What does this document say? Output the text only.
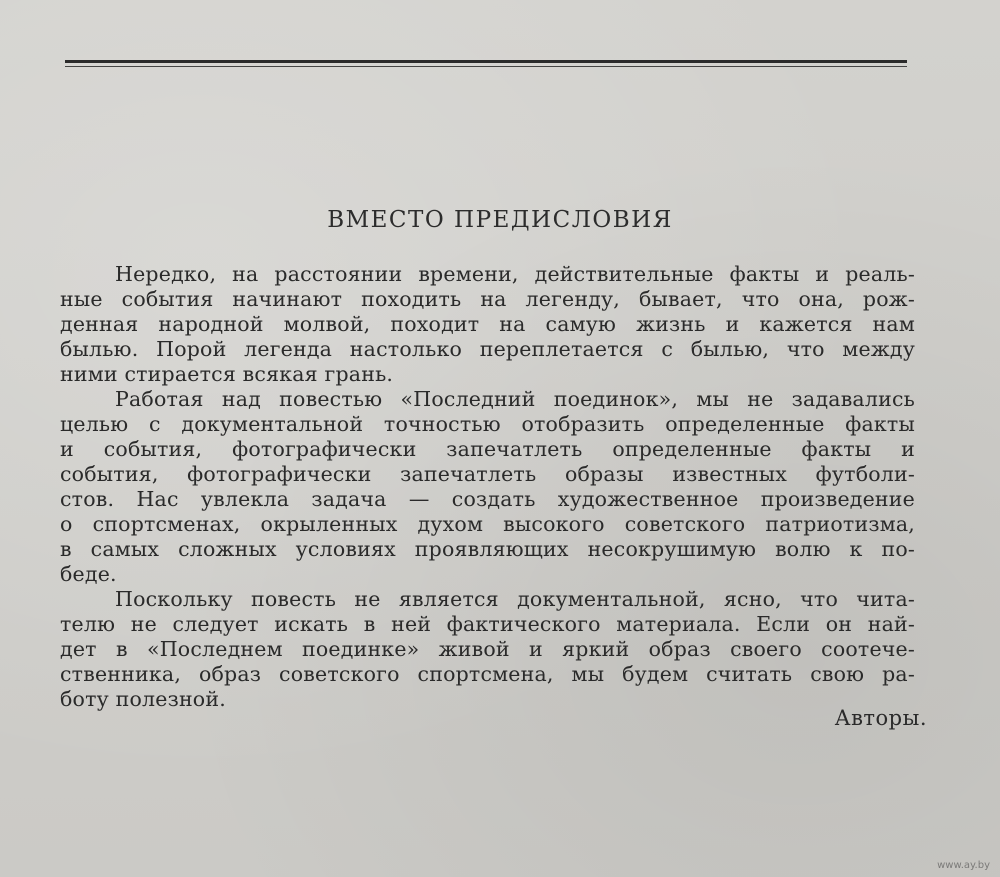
ВМЕСТО ПРЕДИСЛОВИЯ
Нередко, на расстоянии времени, действительные факты и реаль-
ные события начинают походить на легенду, бывает, что она, рож-
денная народной молвой, походит на самую жизнь и кажется нам
былью. Порой легенда настолько переплетается с былью, что между
ними стирается всякая грань.
Работая над повестью «Последний поединок», мы не задавались
целью с документальной точностью отобразить определенные факты
и события, фотографически запечатлеть определенные факты и
события, фотографически запечатлеть образы известных футболи-
стов. Нас увлекла задача — создать художественное произведение
о спортсменах, окрыленных духом высокого советского патриотизма,
в самых сложных условиях проявляющих несокрушимую волю к по-
беде.
Поскольку повесть не является документальной, ясно, что чита-
телю не следует искать в ней фактического материала. Если он най-
дет в «Последнем поединке» живой и яркий образ своего соотече-
ственника, образ советского спортсмена, мы будем считать свою ра-
боту полезной.
Авторы.
www.ay.by
